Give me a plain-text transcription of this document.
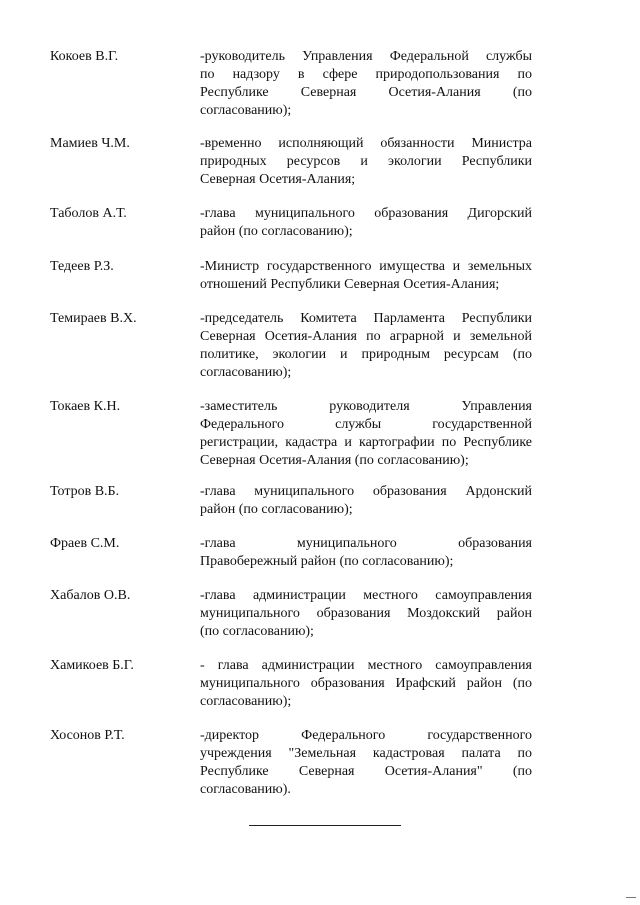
Кокоев В.Г.	-руководитель Управления Федеральной службы
по надзору в сфере природопользования по
Республике Северная Осетия-Алания (по
согласованию);
Мамиев Ч.М.	-временно исполняющий обязанности Министра
природных ресурсов и экологии Республики
Северная Осетия-Алания;
Таболов А.Т.	-глава муниципального образования Дигорский
район (по согласованию);
Тедеев Р.З.	-Министр государственного имущества и земельных
отношений Республики Северная Осетия-Алания;
Темираев В.Х.	-председатель Комитета Парламента Республики
Северная Осетия-Алания по аграрной и земельной
политике, экологии и природным ресурсам (по
согласованию);
Токаев К.Н.	-заместитель руководителя Управления
Федерального службы государственной
регистрации, кадастра и картографии по Республике
Северная Осетия-Алания (по согласованию);
Тотров В.Б.	-глава муниципального образования Ардонский
район (по согласованию);
Фраев С.М.	-глава муниципального образования
Правобережный район (по согласованию);
Хабалов О.В.	-глава администрации местного самоуправления
муниципального образования Моздокский район
(по согласованию);
Хамикоев Б.Г.	- глава администрации местного самоуправления
муниципального образования Ирафский район (по
согласованию);
Хосонов Р.Т.	-директор Федерального государственного
учреждения "Земельная кадастровая палата по
Республике Северная Осетия-Алания" (по
согласованию).
